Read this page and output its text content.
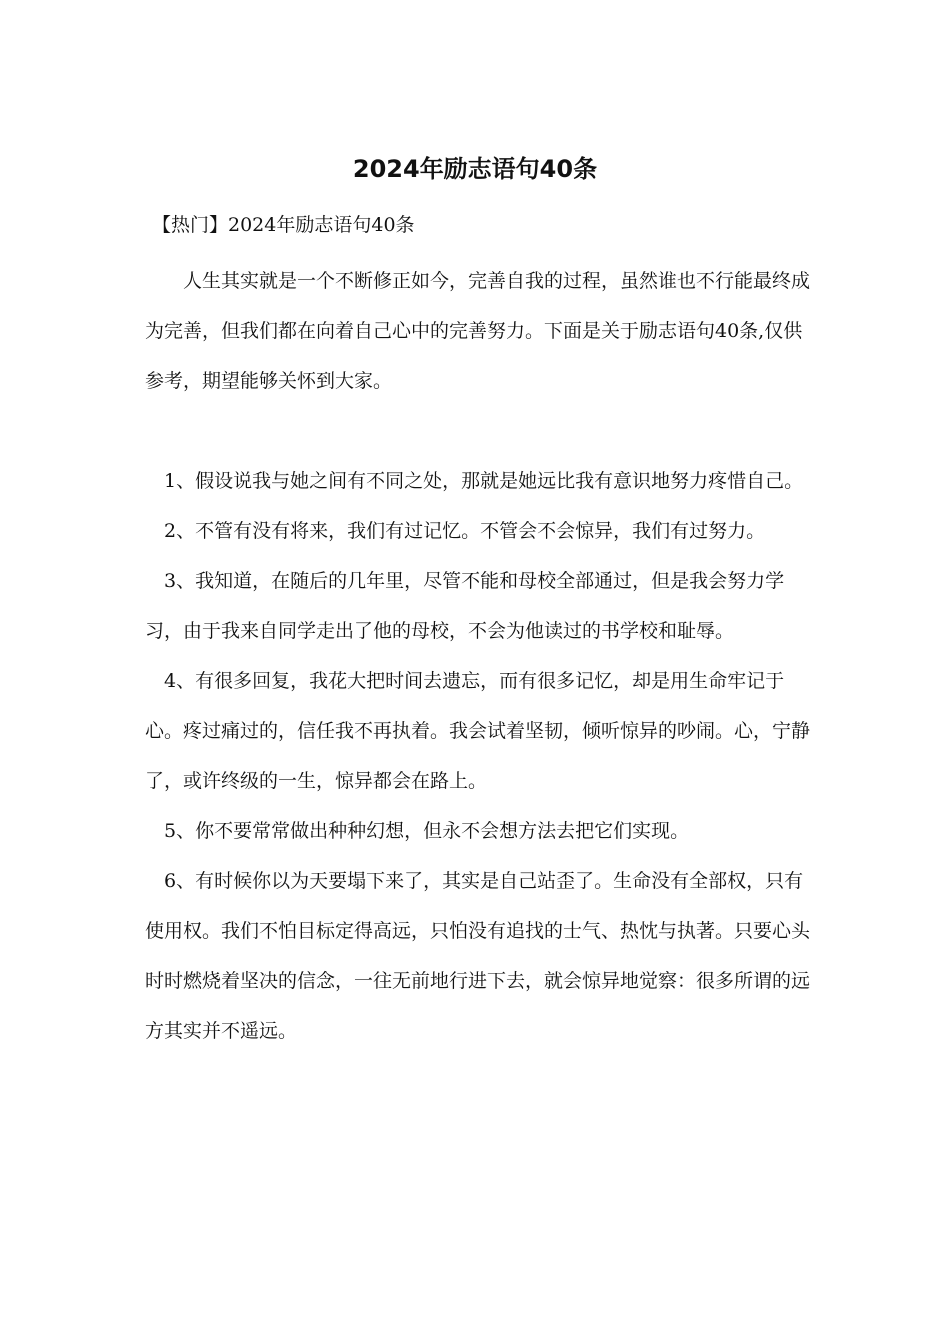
2024年励志语句40条

【热门】2024年励志语句40条

人生其实就是一个不断修正如今，完善自我的过程，虽然谁也不行能最终成为完善，但我们都在向着自己心中的完善努力。下面是关于励志语句40条,仅供参考，期望能够关怀到大家。

1、假设说我与她之间有不同之处，那就是她远比我有意识地努力疼惜自己。

2、不管有没有将来，我们有过记忆。不管会不会惊异，我们有过努力。

3、我知道，在随后的几年里，尽管不能和母校全部通过，但是我会努力学习，由于我来自同学走出了他的母校，不会为他读过的书学校和耻辱。

4、有很多回复，我花大把时间去遗忘，而有很多记忆，却是用生命牢记于心。疼过痛过的，信任我不再执着。我会试着坚韧，倾听惊异的吵闹。心，宁静了，或许终级的一生，惊异都会在路上。

5、你不要常常做出种种幻想，但永不会想方法去把它们实现。

6、有时候你以为天要塌下来了，其实是自己站歪了。生命没有全部权，只有使用权。我们不怕目标定得高远，只怕没有追找的士气、热忱与执著。只要心头时时燃烧着坚决的信念，一往无前地行进下去，就会惊异地觉察：很多所谓的远方其实并不遥远。
